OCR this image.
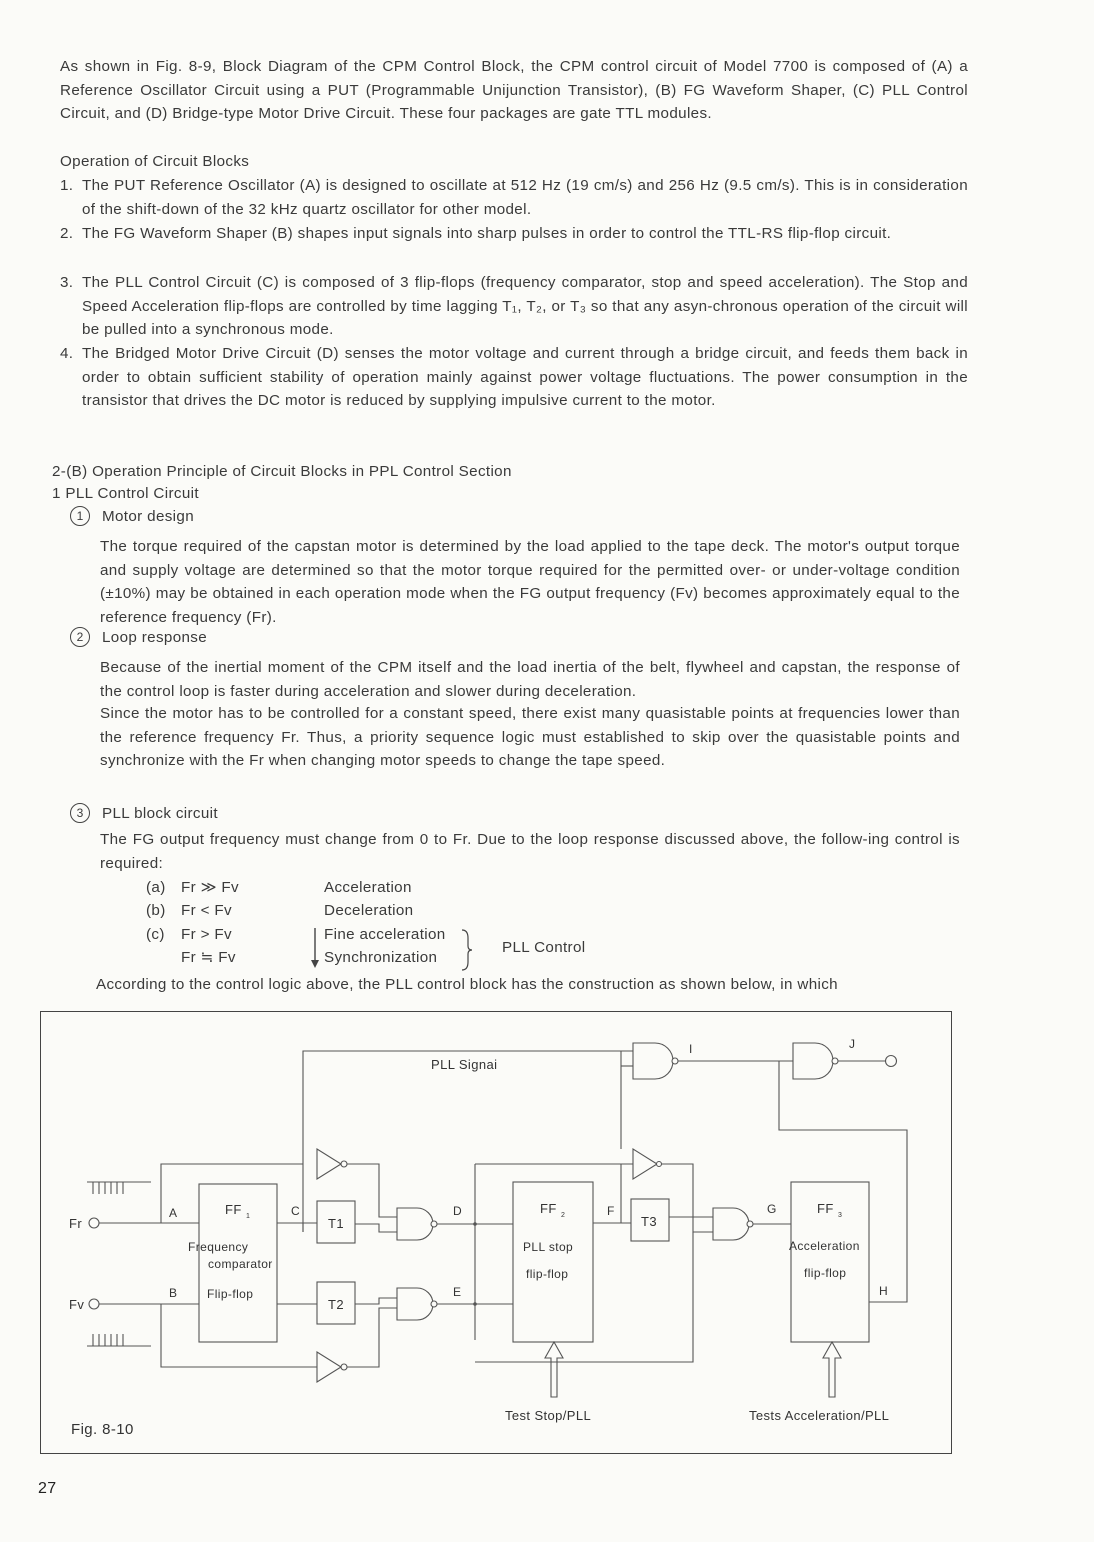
As shown in Fig. 8-9, Block Diagram of the CPM Control Block, the CPM control circuit of Model 7700 is composed of (A) a Reference Oscillator Circuit using a PUT (Programmable Unijunction Transistor), (B) FG Waveform Shaper, (C) PLL Control Circuit, and (D) Bridge-type Motor Drive Circuit. These four packages are gate TTL modules.
Operation of Circuit Blocks
1. The PUT Reference Oscillator (A) is designed to oscillate at 512 Hz (19 cm/s) and 256 Hz (9.5 cm/s). This is in consideration of the shift-down of the 32 kHz quartz oscillator for other model.
2. The FG Waveform Shaper (B) shapes input signals into sharp pulses in order to control the TTL-RS flip-flop circuit.
3. The PLL Control Circuit (C) is composed of 3 flip-flops (frequency comparator, stop and speed acceleration). The Stop and Speed Acceleration flip-flops are controlled by time lagging T₁, T₂, or T₃ so that any asyn-chronous operation of the circuit will be pulled into a synchronous mode.
4. The Bridged Motor Drive Circuit (D) senses the motor voltage and current through a bridge circuit, and feeds them back in order to obtain sufficient stability of operation mainly against power voltage fluctuations. The power consumption in the transistor that drives the DC motor is reduced by supplying impulsive current to the motor.
2-(B) Operation Principle of Circuit Blocks in PPL Control Section
1 PLL Control Circuit
1 Motor design
The torque required of the capstan motor is determined by the load applied to the tape deck. The motor's output torque and supply voltage are determined so that the motor torque required for the permitted over- or under-voltage condition (±10%) may be obtained in each operation mode when the FG output frequency (Fv) becomes approximately equal to the reference frequency (Fr).
2 Loop response
Because of the inertial moment of the CPM itself and the load inertia of the belt, flywheel and capstan, the response of the control loop is faster during acceleration and slower during deceleration.
Since the motor has to be controlled for a constant speed, there exist many quasistable points at frequencies lower than the reference frequency Fr. Thus, a priority sequence logic must established to skip over the quasistable points and synchronize with the Fr when changing motor speeds to change the tape speed.
3 PLL block circuit
The FG output frequency must change from 0 to Fr. Due to the loop response discussed above, the follow-ing control is required:
(a) Fr ≫ Fv	Acceleration
(b) Fr < Fv	Deceleration
(c) Fr > Fv	Fine acceleration
Fr ≒ Fv	Synchronization
PLL Control
According to the control logic above, the PLL control block has the construction as shown below, in which
PLL Signai
Fr
Fv
A
B
C	D
E
F	G
H
I	J
FF 1
Frequency
comparator
Flip-flop
FF 2
PLL stop
flip-flop
FF 3
Acceleration
flip-flop
T1
T2
T3
Test Stop/PLL	Tests Acceleration/PLL
Fig. 8-10
27
